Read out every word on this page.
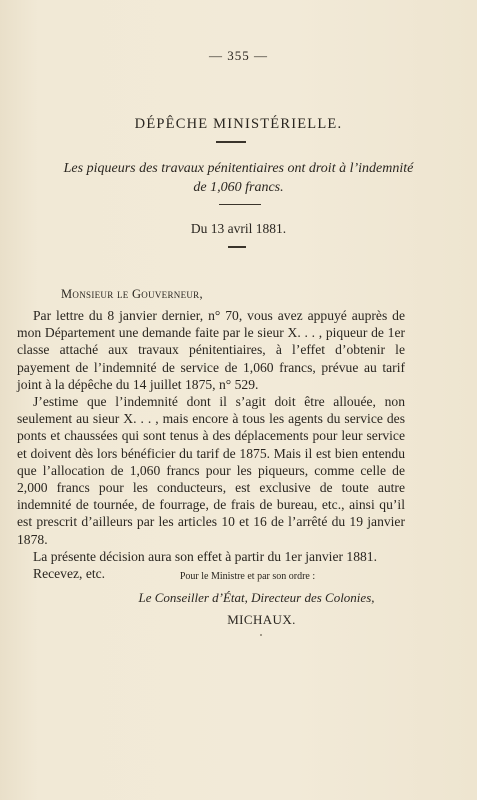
— 355 —
DÉPÊCHE MINISTÉRIELLE.
Les piqueurs des travaux pénitentiaires ont droit à l’indemnité
de 1,060 francs.
Du 13 avril 1881.
Monsieur le Gouverneur,

Par lettre du 8 janvier dernier, n° 70, vous avez appuyé auprès de mon Département une demande faite par le sieur X. . . , piqueur de 1er classe attaché aux travaux pénitentiaires, à l’effet d’obtenir le payement de l’indemnité de service de 1,060 francs, prévue au tarif joint à la dépêche du 14 juillet 1875, n° 529.

J’estime que l’indemnité dont il s’agit doit être allouée, non seulement au sieur X. . . , mais encore à tous les agents du service des ponts et chaussées qui sont tenus à des déplacements pour leur service et doivent dès lors bénéficier du tarif de 1875. Mais il est bien entendu que l’allocation de 1,060 francs pour les piqueurs, comme celle de 2,000 francs pour les conducteurs, est exclusive de toute autre indemnité de tournée, de fourrage, de frais de bureau, etc., ainsi qu’il est prescrit d’ailleurs par les articles 10 et 16 de l’arrêté du 19 janvier 1878.

La présente décision aura son effet à partir du 1er janvier 1881.

Recevez, etc.	Pour le Ministre et par son ordre :
Le Conseiller d’État, Directeur des Colonies,
MICHAUX.
